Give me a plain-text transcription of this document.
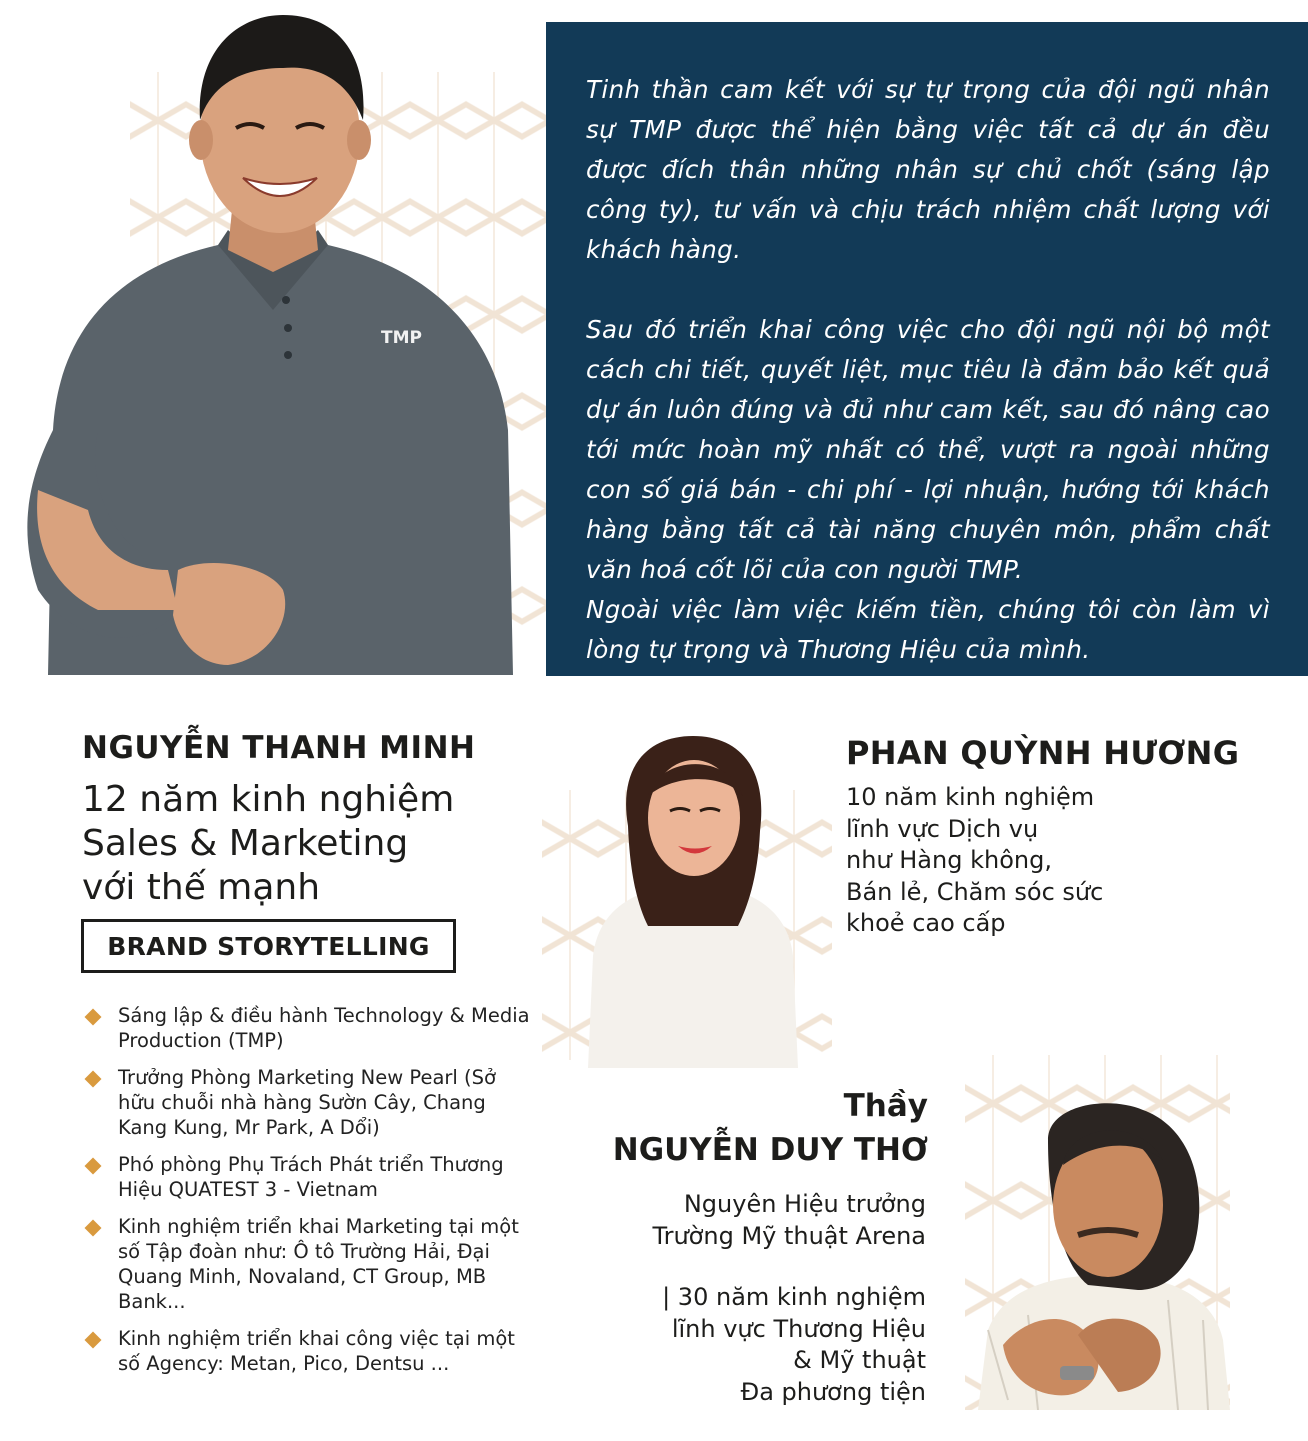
TMP

Tinh thần cam kết với sự tự trọng của đội ngũ nhân sự TMP được thể hiện bằng việc tất cả dự án đều được đích thân những nhân sự chủ chốt (sáng lập công ty), tư vấn và chịu trách nhiệm chất lượng với khách hàng.

Sau đó triển khai công việc cho đội ngũ nội bộ một cách chi tiết, quyết liệt, mục tiêu là đảm bảo kết quả dự án luôn đúng và đủ như cam kết, sau đó nâng cao tới mức hoàn mỹ nhất có thể, vượt ra ngoài những con số giá bán - chi phí - lợi nhuận, hướng tới khách hàng bằng tất cả tài năng chuyên môn, phẩm chất văn hoá cốt lõi của con người TMP.

Ngoài việc làm việc kiếm tiền, chúng tôi còn làm vì lòng tự trọng và Thương Hiệu của mình.

NGUYỄN THANH MINH
12 năm kinh nghiệm
Sales & Marketing
với thế mạnh
BRAND STORYTELLING
Sáng lập & điều hành Technology & Media Production (TMP)
Trưởng Phòng Marketing New Pearl (Sở hữu chuỗi nhà hàng Sườn Cây, Chang Kang Kung, Mr Park, A Dổi)
Phó phòng Phụ Trách Phát triển Thương Hiệu QUATEST 3 - Vietnam
Kinh nghiệm triển khai Marketing tại một số Tập đoàn như: Ô tô Trường Hải, Đại Quang Minh, Novaland, CT Group, MB Bank...
Kinh nghiệm triển khai công việc tại một số Agency: Metan, Pico, Dentsu ...
PHAN QUỲNH HƯƠNG
10 năm kinh nghiệm
lĩnh vực Dịch vụ
như Hàng không,
Bán lẻ, Chăm sóc sức
khoẻ cao cấp
Thầy
NGUYỄN DUY THƠ
Nguyên Hiệu trưởng
Trường Mỹ thuật Arena
| 30 năm kinh nghiệm
lĩnh vực Thương Hiệu
& Mỹ thuật
Đa phương tiện
